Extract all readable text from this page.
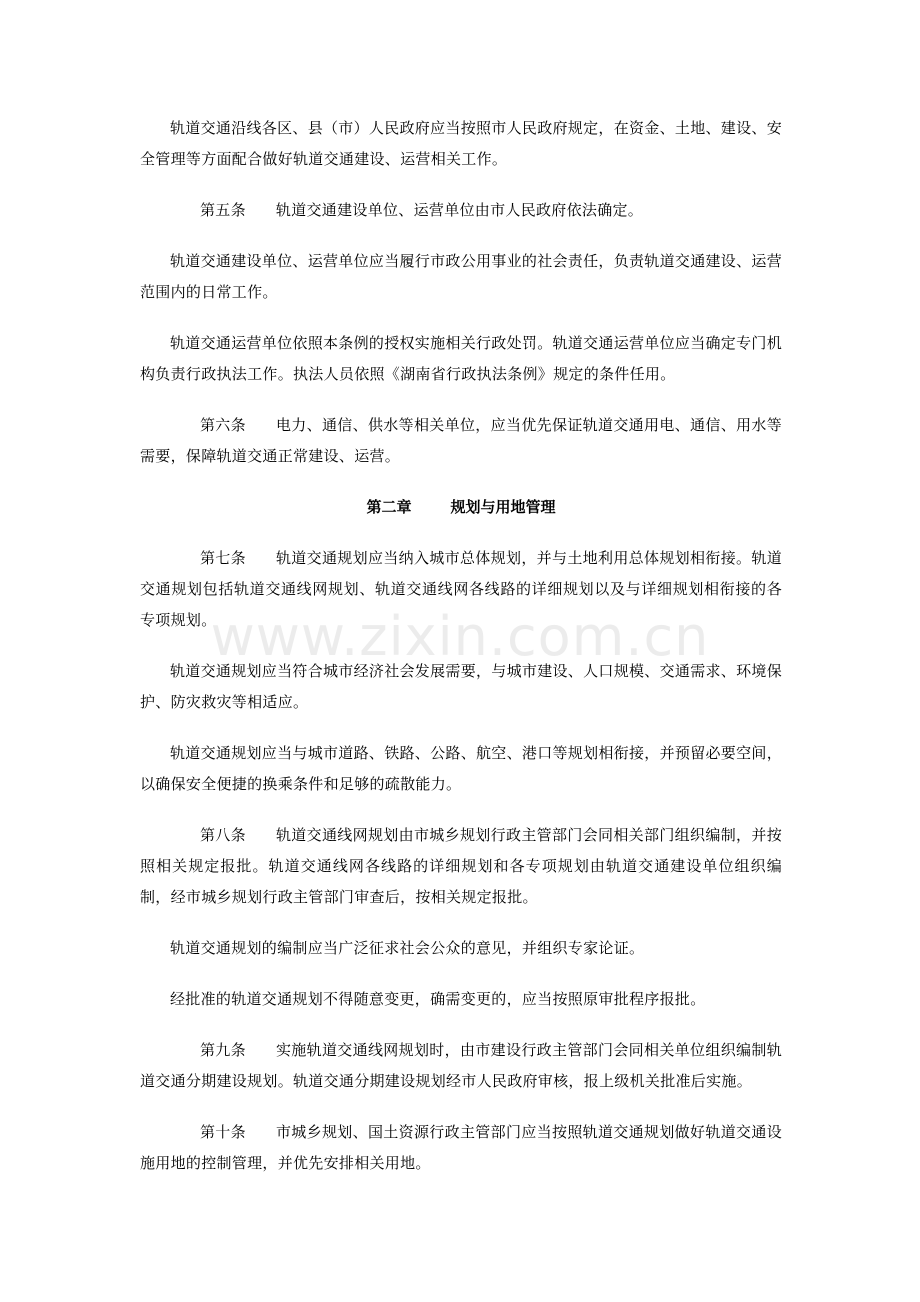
轨道交通沿线各区、县（市）人民政府应当按照市人民政府规定，在资金、土地、建设、安全管理等方面配合做好轨道交通建设、运营相关工作。

第五条 轨道交通建设单位、运营单位由市人民政府依法确定。

轨道交通建设单位、运营单位应当履行市政公用事业的社会责任，负责轨道交通建设、运营范围内的日常工作。

轨道交通运营单位依照本条例的授权实施相关行政处罚。轨道交通运营单位应当确定专门机构负责行政执法工作。执法人员依照《湖南省行政执法条例》规定的条件任用。

第六条 电力、通信、供水等相关单位，应当优先保证轨道交通用电、通信、用水等需要，保障轨道交通正常建设、运营。

第二章	规划与用地管理

第七条 轨道交通规划应当纳入城市总体规划，并与土地利用总体规划相衔接。轨道交通规划包括轨道交通线网规划、轨道交通线网各线路的详细规划以及与详细规划相衔接的各专项规划。

轨道交通规划应当符合城市经济社会发展需要，与城市建设、人口规模、交通需求、环境保护、防灾救灾等相适应。

轨道交通规划应当与城市道路、铁路、公路、航空、港口等规划相衔接，并预留必要空间，以确保安全便捷的换乘条件和足够的疏散能力。

第八条 轨道交通线网规划由市城乡规划行政主管部门会同相关部门组织编制，并按照相关规定报批。轨道交通线网各线路的详细规划和各专项规划由轨道交通建设单位组织编制，经市城乡规划行政主管部门审查后，按相关规定报批。

轨道交通规划的编制应当广泛征求社会公众的意见，并组织专家论证。

经批准的轨道交通规划不得随意变更，确需变更的，应当按照原审批程序报批。

第九条 实施轨道交通线网规划时，由市建设行政主管部门会同相关单位组织编制轨道交通分期建设规划。轨道交通分期建设规划经市人民政府审核，报上级机关批准后实施。

第十条 市城乡规划、国土资源行政主管部门应当按照轨道交通规划做好轨道交通设施用地的控制管理，并优先安排相关用地。

www.zixin.com.cn
